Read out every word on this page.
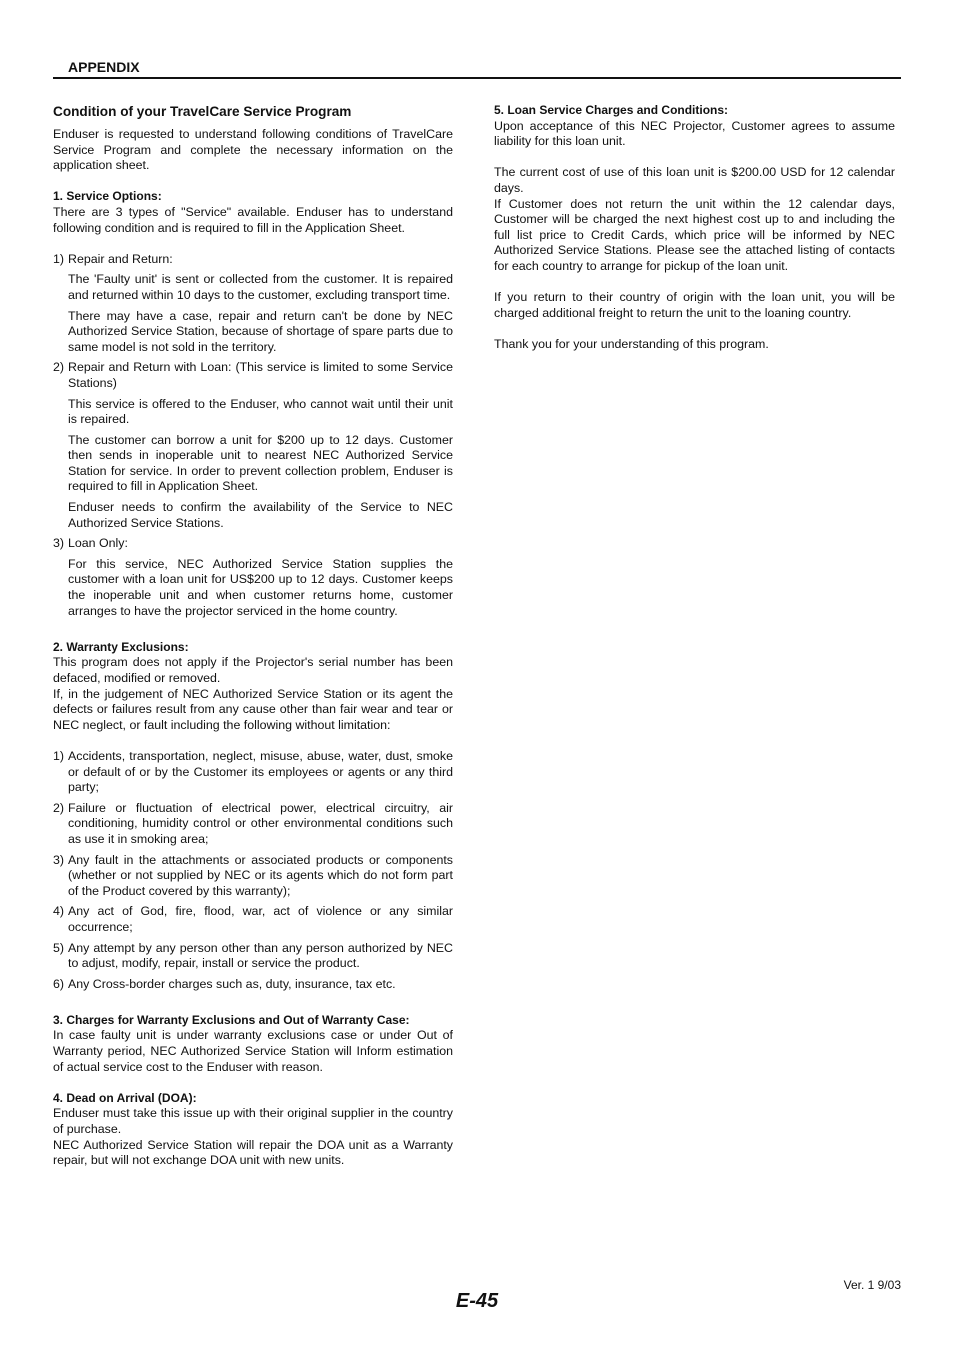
APPENDIX
Condition of your TravelCare Service Program

Enduser is requested to understand following conditions of TravelCare Service Program and complete the necessary information on the application sheet.

1. Service Options:

There are 3 types of "Service" available. Enduser has to understand following condition and is required to fill in the Application Sheet.

1) Repair and Return:

The 'Faulty unit' is sent or collected from the customer. It is repaired and returned within 10 days to the customer, excluding transport time.

There may have a case, repair and return can't be done by NEC Authorized Service Station, because of shortage of spare parts due to same model is not sold in the territory.

2) Repair and Return with Loan: (This service is limited to some Service Stations)

This service is offered to the Enduser, who cannot wait until their unit is repaired.

The customer can borrow a unit for $200 up to 12 days. Customer then sends in inoperable unit to nearest NEC Authorized Service Station for service. In order to prevent collection problem, Enduser is required to fill in Application Sheet.

Enduser needs to confirm the availability of the Service to NEC Authorized Service Stations.

3) Loan Only:

For this service, NEC Authorized Service Station supplies the customer with a loan unit for US$200 up to 12 days. Customer keeps the inoperable unit and when customer returns home, customer arranges to have the projector serviced in the home country.

2. Warranty Exclusions:

This program does not apply if the Projector's serial number has been defaced, modified or removed.

If, in the judgement of NEC Authorized Service Station or its agent the defects or failures result from any cause other than fair wear and tear or NEC neglect, or fault including the following without limitation:

1) Accidents, transportation, neglect, misuse, abuse, water, dust, smoke or default of or by the Customer its employees or agents or any third party;
2) Failure or fluctuation of electrical power, electrical circuitry, air conditioning, humidity control or other environmental conditions such as use it in smoking area;
3) Any fault in the attachments or associated products or components (whether or not supplied by NEC or its agents which do not form part of the Product covered by this warranty);
4) Any act of God, fire, flood, war, act of violence or any similar occurrence;
5) Any attempt by any person other than any person authorized by NEC to adjust, modify, repair, install or service the product.
6) Any Cross-border charges such as, duty, insurance, tax etc.
3. Charges for Warranty Exclusions and Out of Warranty Case:

In case faulty unit is under warranty exclusions case or under Out of Warranty period, NEC Authorized Service Station will Inform estimation of actual service cost to the Enduser with reason.

4. Dead on Arrival (DOA):

Enduser must take this issue up with their original supplier in the country of purchase.

NEC Authorized Service Station will repair the DOA unit as a Warranty repair, but will not exchange DOA unit with new units.

5. Loan Service Charges and Conditions:

Upon acceptance of this NEC Projector, Customer agrees to assume liability for this loan unit.

The current cost of use of this loan unit is $200.00 USD for 12 calendar days.

If Customer does not return the unit within the 12 calendar days, Customer will be charged the next highest cost up to and including the full list price to Credit Cards, which price will be informed by NEC Authorized Service Stations. Please see the attached listing of contacts for each country to arrange for pickup of the loan unit.

If you return to their country of origin with the loan unit, you will be charged additional freight to return the unit to the loaning country.

Thank you for your understanding of this program.

Ver. 1 9/03
E-45
